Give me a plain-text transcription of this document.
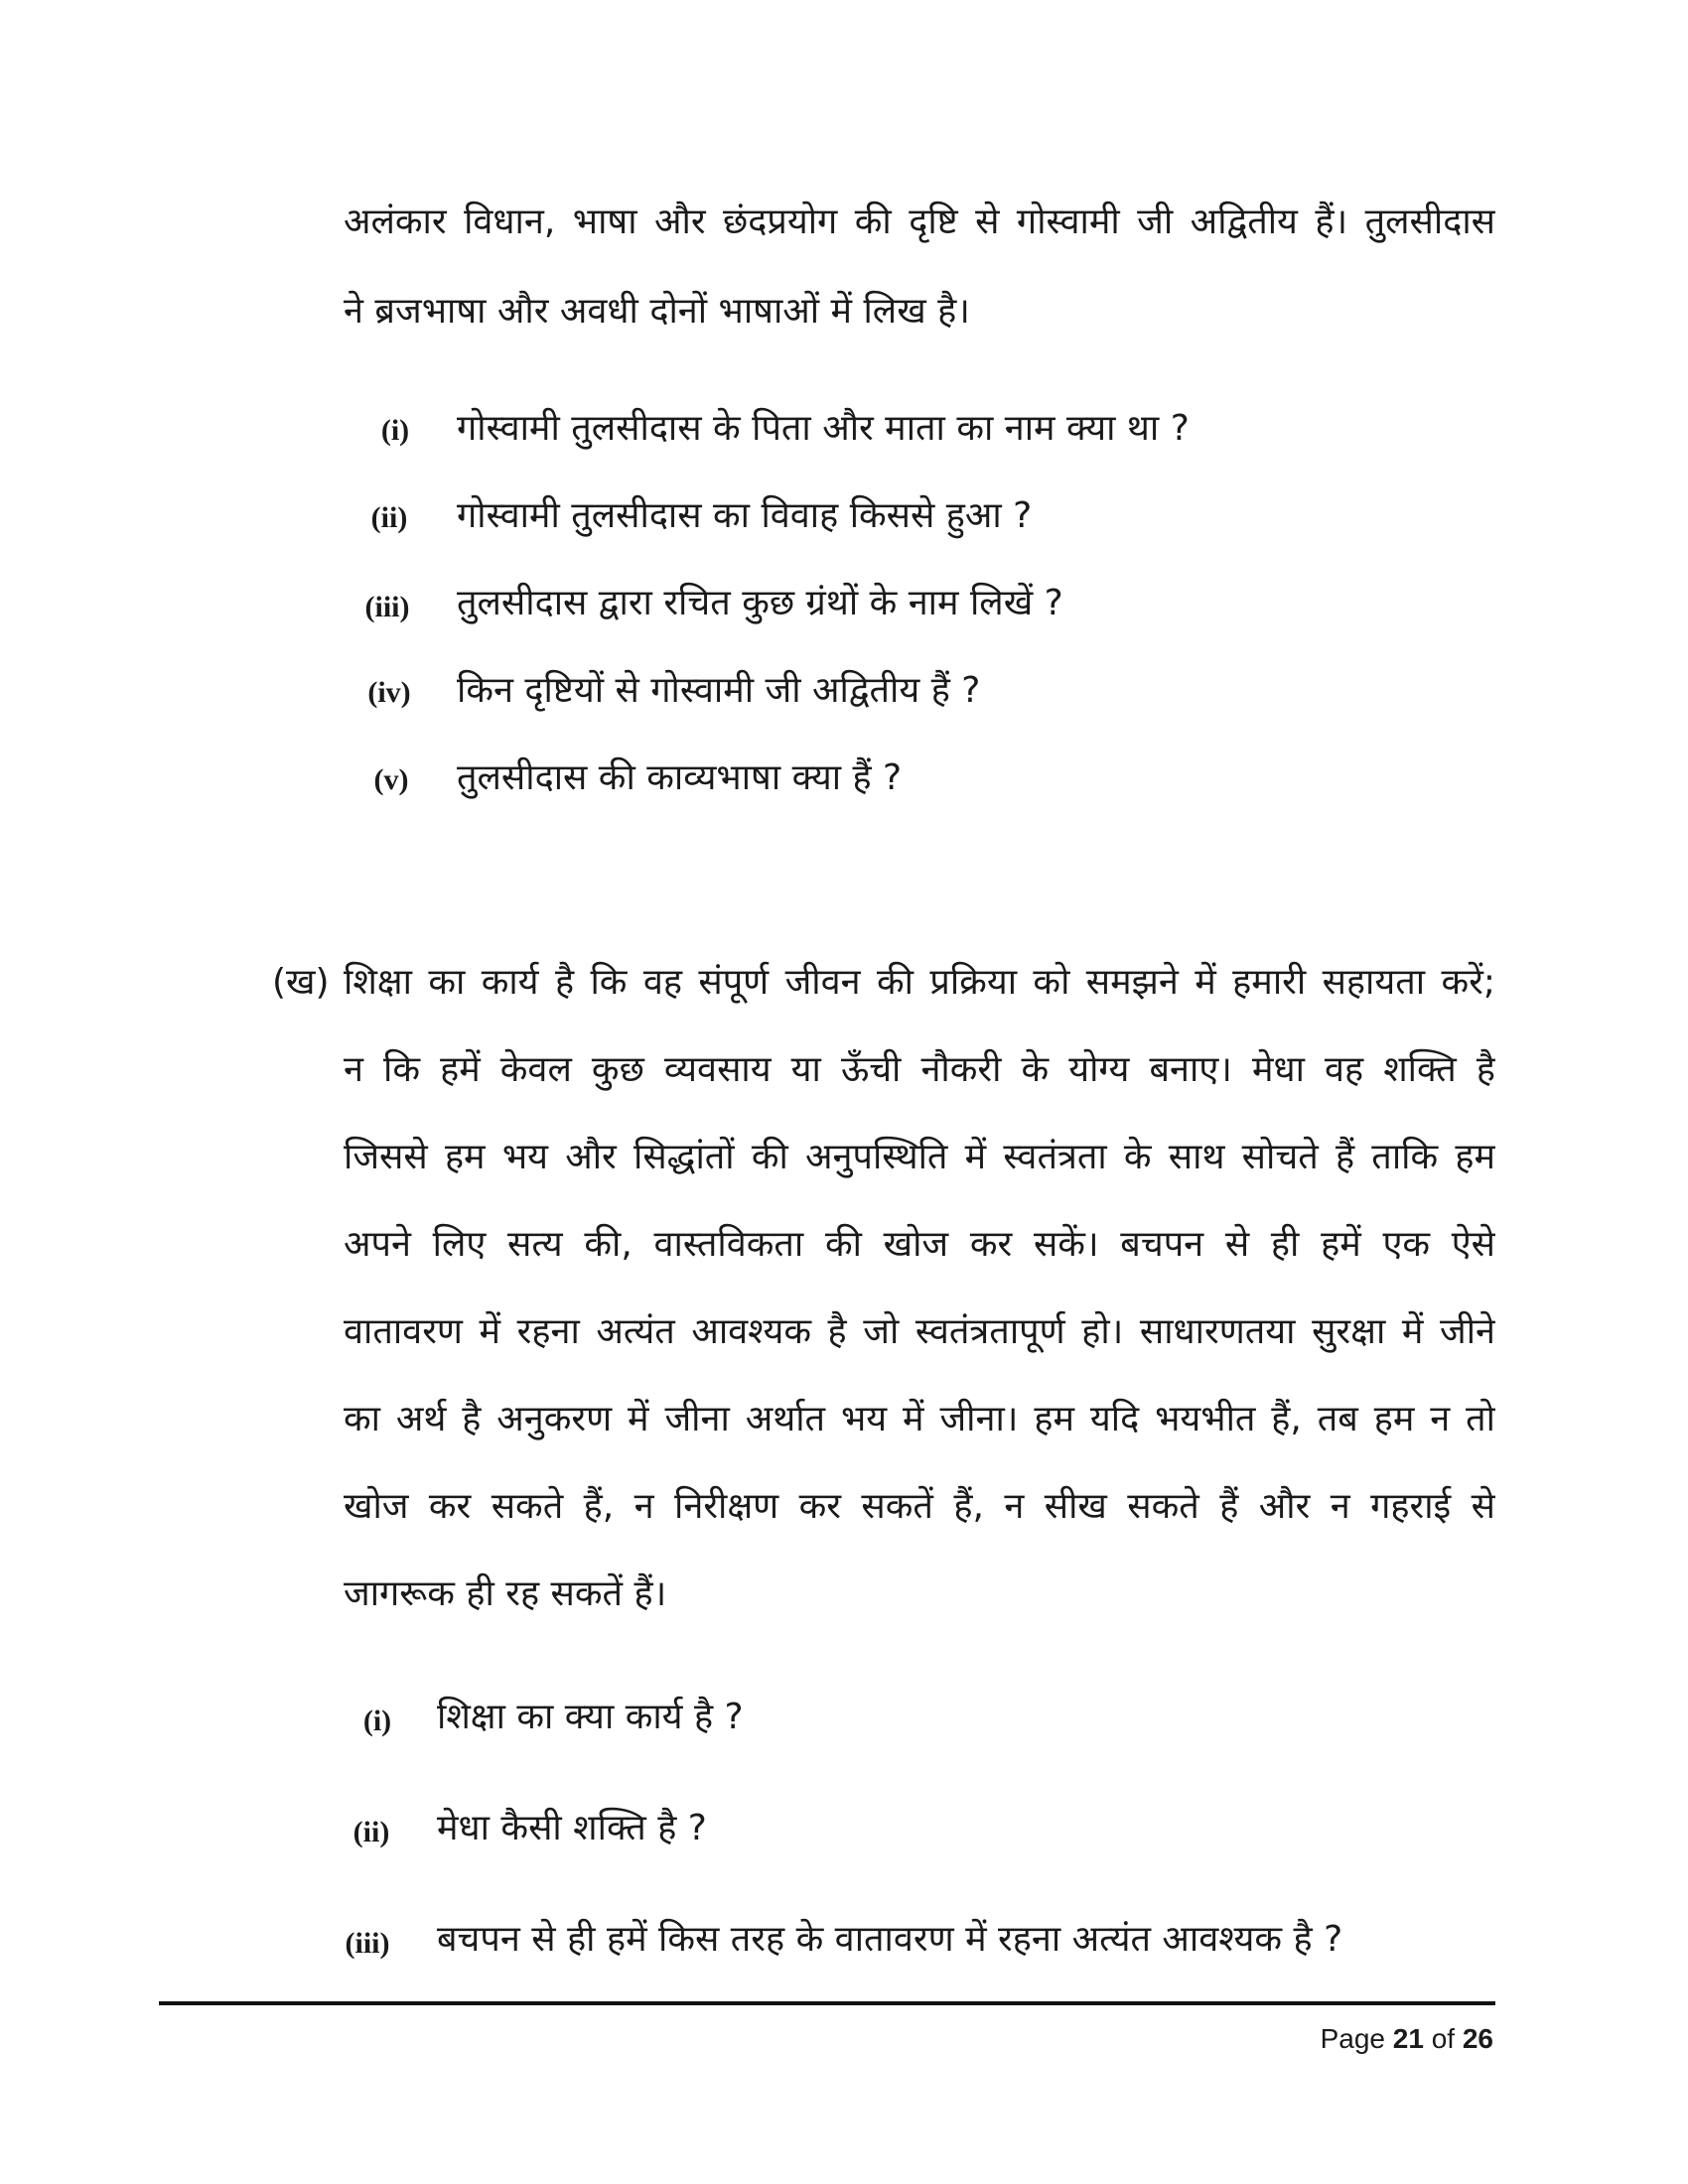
अलंकार विधान, भाषा और छंदप्रयोग की दृष्टि से गोस्वामी जी अद्वितीय हैं। तुलसीदास
ने ब्रजभाषा और अवधी दोनों भाषाओं में लिख है।
(i)	गोस्वामी तुलसीदास के पिता और माता का नाम क्या था ?
(ii)	गोस्वामी तुलसीदास का विवाह किससे हुआ ?
(iii)	तुलसीदास द्वारा रचित कुछ ग्रंथों के नाम लिखें ?
(iv)	किन दृष्टियों से गोस्वामी जी अद्वितीय हैं ?
(v)	तुलसीदास की काव्यभाषा क्या हैं ?
(ख) शिक्षा का कार्य है कि वह संपूर्ण जीवन की प्रक्रिया को समझने में हमारी सहायता करें;
न कि हमें केवल कुछ व्यवसाय या ऊँची नौकरी के योग्य बनाए। मेधा वह शक्ति है
जिससे हम भय और सिद्धांतों की अनुपस्थिति में स्वतंत्रता के साथ सोचते हैं ताकि हम
अपने लिए सत्य की, वास्तविकता की खोज कर सकें। बचपन से ही हमें एक ऐसे
वातावरण में रहना अत्यंत आवश्यक है जो स्वतंत्रतापूर्ण हो। साधारणतया सुरक्षा में जीने
का अर्थ है अनुकरण में जीना अर्थात भय में जीना। हम यदि भयभीत हैं, तब हम न तो
खोज कर सकते हैं, न निरीक्षण कर सकतें हैं, न सीख सकते हैं और न गहराई से
जागरूक ही रह सकतें हैं।
(i)	शिक्षा का क्या कार्य है ?
(ii)	मेधा कैसी शक्ति है ?
(iii)	बचपन से ही हमें किस तरह के वातावरण में रहना अत्यंत आवश्यक है ?
Page 21 of 26
